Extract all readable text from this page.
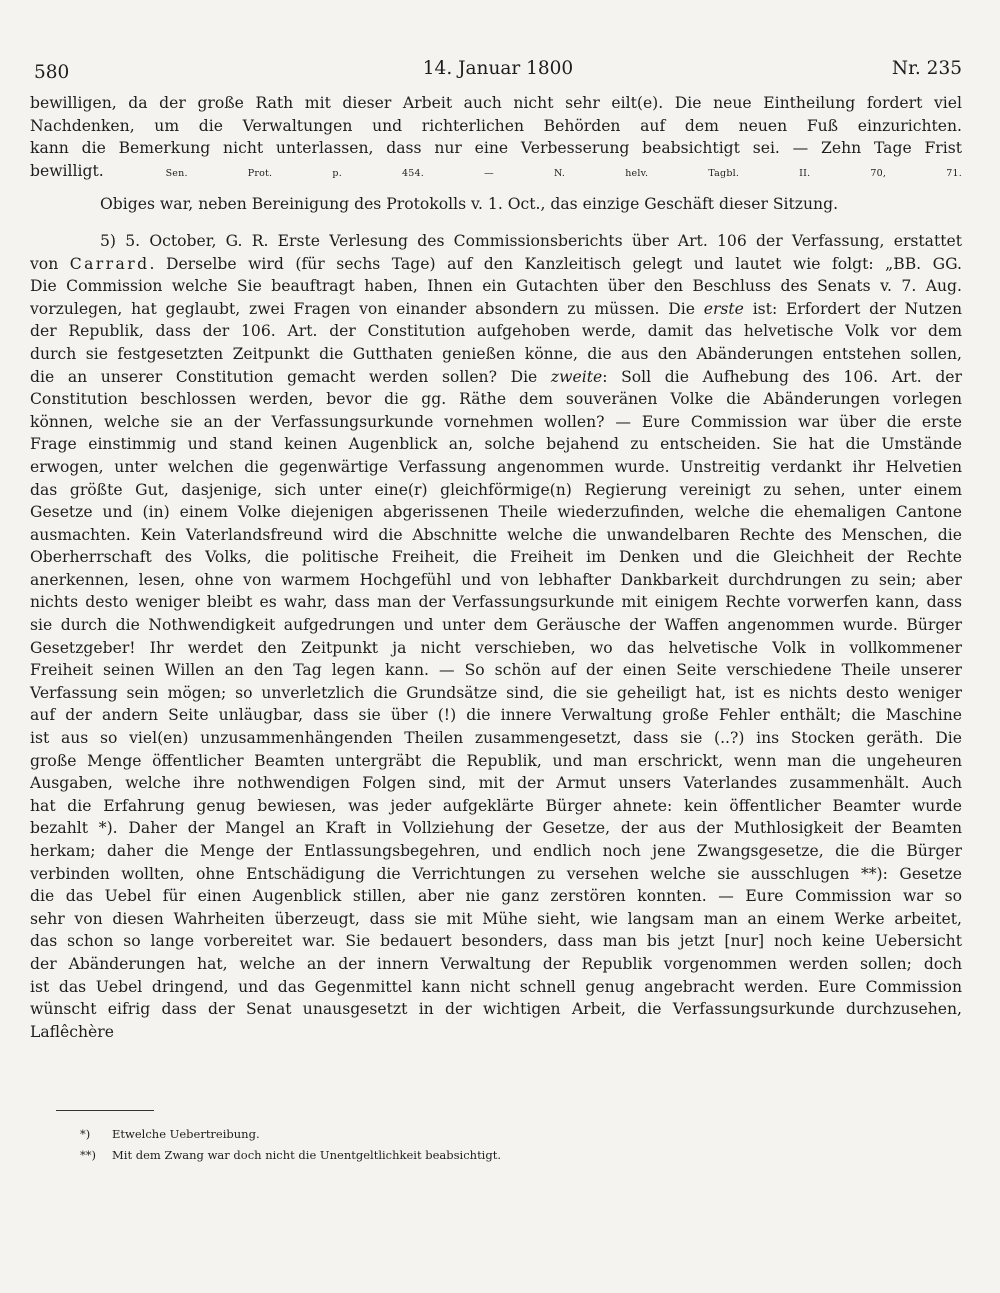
580	14. Januar 1800	Nr. 235

bewilligen, da der große Rath mit dieser Arbeit auch nicht sehr eilt(e). Die neue Eintheilung fordert viel

Nachdenken, um die Verwaltungen und richterlichen Behörden auf dem neuen Fuß einzurichten.

kann die Bemerkung nicht unterlassen, dass nur eine Verbesserung beabsichtigt sei. — Zehn Tage Frist

bewilligt.	Sen. Prot. p. 454. — N. helv. Tagbl. II. 70, 71.

Obiges war, neben Bereinigung des Protokolls v. 1. Oct., das einzige Geschäft dieser Sitzung.

5) 5. October, G. R. Erste Verlesung des Commissionsberichts über Art. 106 der Verfassung, erstattet

von Carrard. Derselbe wird (für sechs Tage) auf den Kanzleitisch gelegt und lautet wie folgt: „BB. GG.

Die Commission welche Sie beauftragt haben, Ihnen ein Gutachten über den Beschluss des Senats v. 7. Aug.

vorzulegen, hat geglaubt, zwei Fragen von einander absondern zu müssen. Die erste ist: Erfordert der Nutzen

der Republik, dass der 106. Art. der Constitution aufgehoben werde, damit das helvetische Volk vor dem

durch sie festgesetzten Zeitpunkt die Gutthaten genießen könne, die aus den Abänderungen entstehen sollen,

die an unserer Constitution gemacht werden sollen? Die zweite: Soll die Aufhebung des 106. Art. der

Constitution beschlossen werden, bevor die gg. Räthe dem souveränen Volke die Abänderungen vorlegen

können, welche sie an der Verfassungsurkunde vornehmen wollen? — Eure Commission war über die erste

Frage einstimmig und stand keinen Augenblick an, solche bejahend zu entscheiden. Sie hat die Umstände

erwogen, unter welchen die gegenwärtige Verfassung angenommen wurde. Unstreitig verdankt ihr Helvetien

das größte Gut, dasjenige, sich unter eine(r) gleichförmige(n) Regierung vereinigt zu sehen, unter einem

Gesetze und (in) einem Volke diejenigen abgerissenen Theile wiederzufinden, welche die ehemaligen Cantone

ausmachten. Kein Vaterlandsfreund wird die Abschnitte welche die unwandelbaren Rechte des Menschen, die

Oberherrschaft des Volks, die politische Freiheit, die Freiheit im Denken und die Gleichheit der Rechte

anerkennen, lesen, ohne von warmem Hochgefühl und von lebhafter Dankbarkeit durchdrungen zu sein; aber

nichts desto weniger bleibt es wahr, dass man der Verfassungsurkunde mit einigem Rechte vorwerfen kann, dass

sie durch die Nothwendigkeit aufgedrungen und unter dem Geräusche der Waffen angenommen wurde. Bürger

Gesetzgeber! Ihr werdet den Zeitpunkt ja nicht verschieben, wo das helvetische Volk in vollkommener

Freiheit seinen Willen an den Tag legen kann. — So schön auf der einen Seite verschiedene Theile unserer

Verfassung sein mögen; so unverletzlich die Grundsätze sind, die sie geheiligt hat, ist es nichts desto weniger

auf der andern Seite unläugbar, dass sie über (!) die innere Verwaltung große Fehler enthält; die Maschine

ist aus so viel(en) unzusammenhängenden Theilen zusammengesetzt, dass sie (..?) ins Stocken geräth. Die

große Menge öffentlicher Beamten untergräbt die Republik, und man erschrickt, wenn man die ungeheuren

Ausgaben, welche ihre nothwendigen Folgen sind, mit der Armut unsers Vaterlandes zusammenhält. Auch

hat die Erfahrung genug bewiesen, was jeder aufgeklärte Bürger ahnete: kein öffentlicher Beamter wurde

bezahlt *). Daher der Mangel an Kraft in Vollziehung der Gesetze, der aus der Muthlosigkeit der Beamten

herkam; daher die Menge der Entlassungsbegehren, und endlich noch jene Zwangsgesetze, die die Bürger

verbinden wollten, ohne Entschädigung die Verrichtungen zu versehen welche sie ausschlugen **): Gesetze

die das Uebel für einen Augenblick stillen, aber nie ganz zerstören konnten. — Eure Commission war so

sehr von diesen Wahrheiten überzeugt, dass sie mit Mühe sieht, wie langsam man an einem Werke arbeitet,

das schon so lange vorbereitet war. Sie bedauert besonders, dass man bis jetzt [nur] noch keine Uebersicht

der Abänderungen hat, welche an der innern Verwaltung der Republik vorgenommen werden sollen; doch

ist das Uebel dringend, und das Gegenmittel kann nicht schnell genug angebracht werden. Eure Commission

wünscht eifrig dass der Senat unausgesetzt in der wichtigen Arbeit, die Verfassungsurkunde durchzusehen,

Laflêchère

*) Etwelche Uebertreibung.
**) Mit dem Zwang war doch nicht die Unentgeltlichkeit beabsichtigt.
